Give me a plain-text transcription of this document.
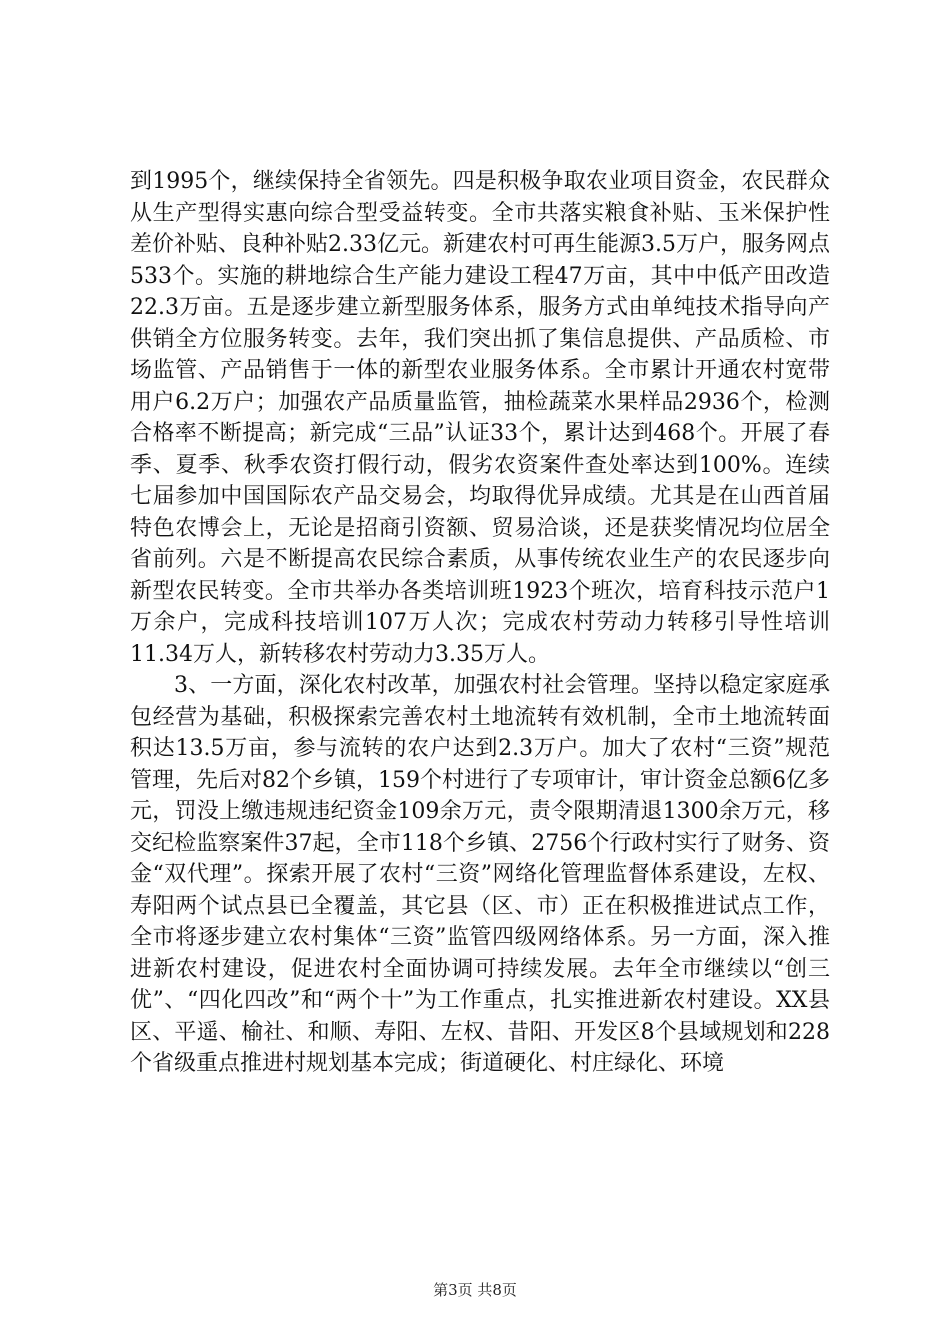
到1995个，继续保持全省领先。四是积极争取农业项目资金，农民群众从生产型得实惠向综合型受益转变。全市共落实粮食补贴、玉米保护性差价补贴、良种补贴2.33亿元。新建农村可再生能源3.5万户，服务网点533个。实施的耕地综合生产能力建设工程47万亩，其中中低产田改造22.3万亩。五是逐步建立新型服务体系，服务方式由单纯技术指导向产供销全方位服务转变。去年，我们突出抓了集信息提供、产品质检、市场监管、产品销售于一体的新型农业服务体系。全市累计开通农村宽带用户6.2万户；加强农产品质量监管，抽检蔬菜水果样品2936个，检测合格率不断提高；新完成“三品”认证33个，累计达到468个。开展了春季、夏季、秋季农资打假行动，假劣农资案件查处率达到100%。连续七届参加中国国际农产品交易会，均取得优异成绩。尤其是在山西首届特色农博会上，无论是招商引资额、贸易洽谈，还是获奖情况均位居全省前列。六是不断提高农民综合素质，从事传统农业生产的农民逐步向新型农民转变。全市共举办各类培训班1923个班次，培育科技示范户1万余户，完成科技培训107万人次；完成农村劳动力转移引导性培训11.34万人，新转移农村劳动力3.35万人。

3、一方面，深化农村改革，加强农村社会管理。坚持以稳定家庭承包经营为基础，积极探索完善农村土地流转有效机制，全市土地流转面积达13.5万亩，参与流转的农户达到2.3万户。加大了农村“三资”规范管理，先后对82个乡镇，159个村进行了专项审计，审计资金总额6亿多元，罚没上缴违规违纪资金109余万元，责令限期清退1300余万元，移交纪检监察案件37起，全市118个乡镇、2756个行政村实行了财务、资金“双代理”。探索开展了农村“三资”网络化管理监督体系建设，左权、寿阳两个试点县已全覆盖，其它县（区、市）正在积极推进试点工作，全市将逐步建立农村集体“三资”监管四级网络体系。另一方面，深入推进新农村建设，促进农村全面协调可持续发展。去年全市继续以“创三优”、“四化四改”和“两个十”为工作重点，扎实推进新农村建设。XX县区、平遥、榆社、和顺、寿阳、左权、昔阳、开发区8个县域规划和228个省级重点推进村规划基本完成；街道硬化、村庄绿化、环境

第3页 共8页
